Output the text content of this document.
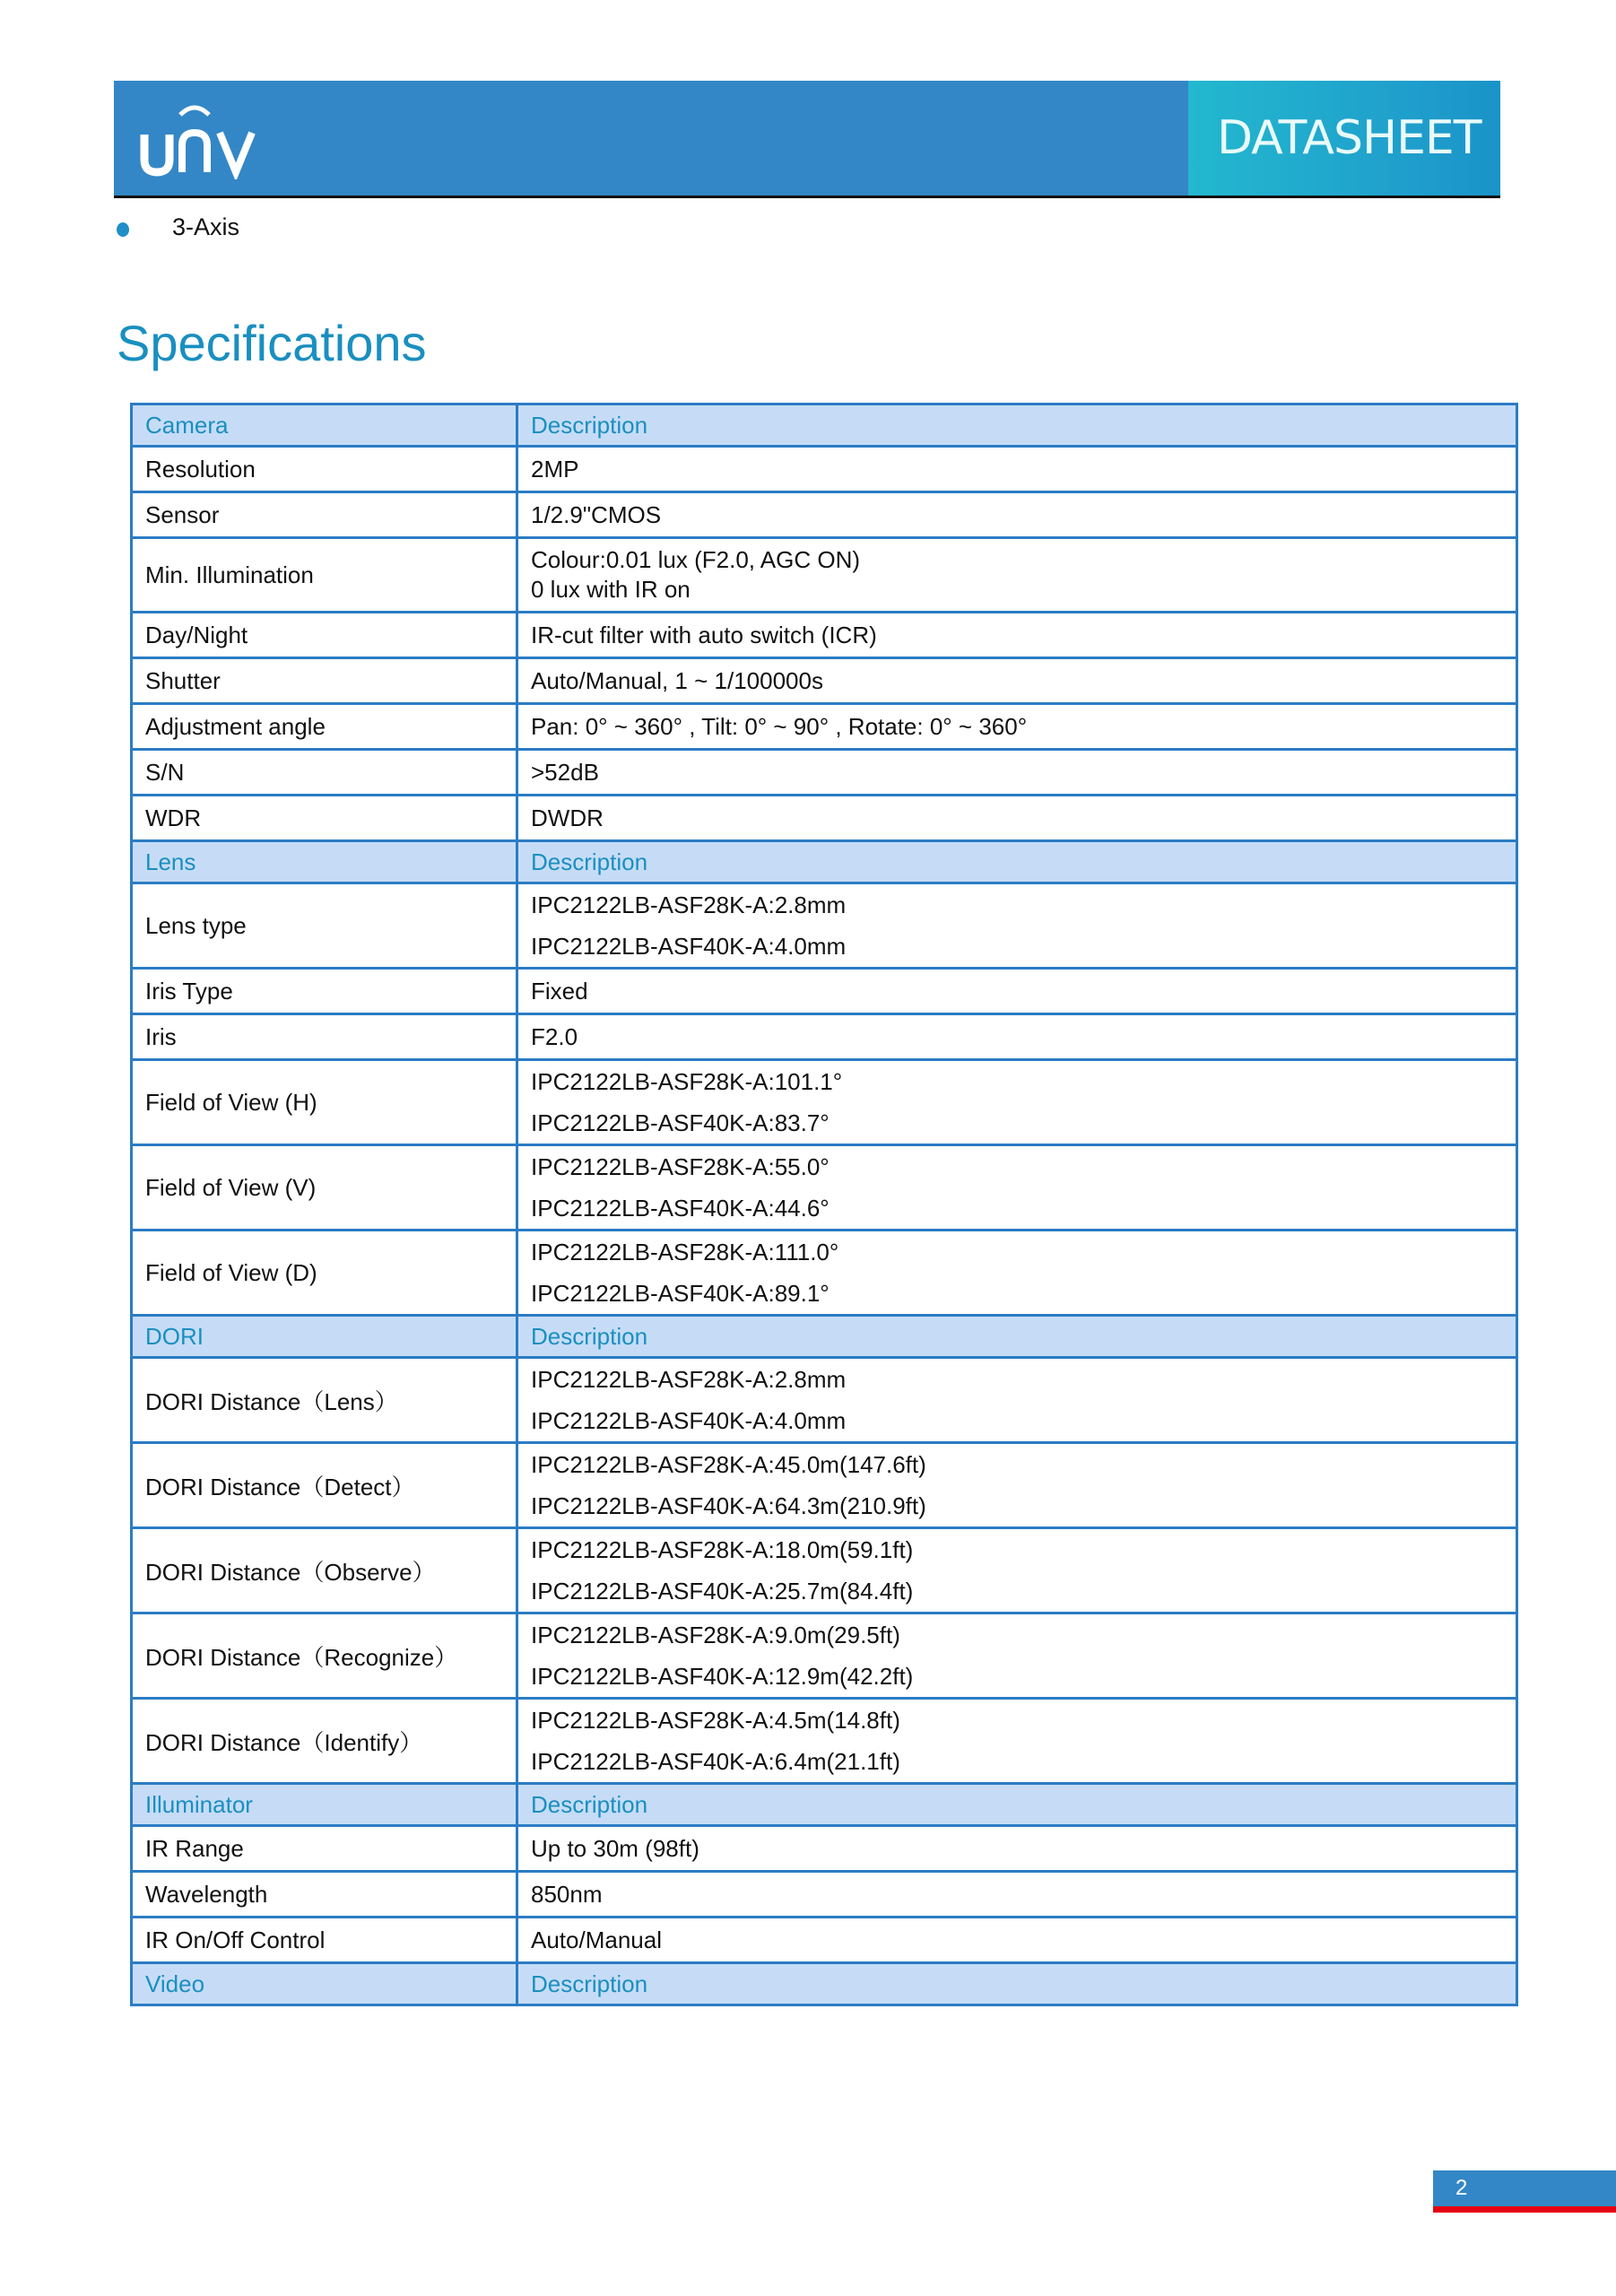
DATASHEET
3-Axis
Specifications
Camera	Description
Resolution	2MP

Sensor	1/2.9"CMOS

Min. Illumination	Colour:0.01 lux (F2.0, AGC ON)
0 lux with IR on

Day/Night	IR-cut filter with auto switch (ICR)

Shutter	Auto/Manual, 1 ~ 1/100000s

Adjustment angle	Pan: 0° ~ 360° , Tilt: 0° ~ 90° , Rotate: 0° ~ 360°

S/N	>52dB

WDR	DWDR

Lens	Description
Lens type	IPC2122LB-ASF28K-A:2.8mm
IPC2122LB-ASF40K-A:4.0mm

Iris Type	Fixed

Iris	F2.0

Field of View (H)	IPC2122LB-ASF28K-A:101.1°
IPC2122LB-ASF40K-A:83.7°

Field of View (V)	IPC2122LB-ASF28K-A:55.0°
IPC2122LB-ASF40K-A:44.6°

Field of View (D)	IPC2122LB-ASF28K-A:111.0°
IPC2122LB-ASF40K-A:89.1°

DORI	Description
DORI Distance（Lens）	IPC2122LB-ASF28K-A:2.8mm
IPC2122LB-ASF40K-A:4.0mm

DORI Distance（Detect）	IPC2122LB-ASF28K-A:45.0m(147.6ft)
IPC2122LB-ASF40K-A:64.3m(210.9ft)

DORI Distance（Observe）	IPC2122LB-ASF28K-A:18.0m(59.1ft)
IPC2122LB-ASF40K-A:25.7m(84.4ft)

DORI Distance（Recognize）	IPC2122LB-ASF28K-A:9.0m(29.5ft)
IPC2122LB-ASF40K-A:12.9m(42.2ft)

DORI Distance（Identify）	IPC2122LB-ASF28K-A:4.5m(14.8ft)
IPC2122LB-ASF40K-A:6.4m(21.1ft)

Illuminator	Description
IR Range	Up to 30m (98ft)

Wavelength	850nm

IR On/Off Control	Auto/Manual

Video	Description
2
